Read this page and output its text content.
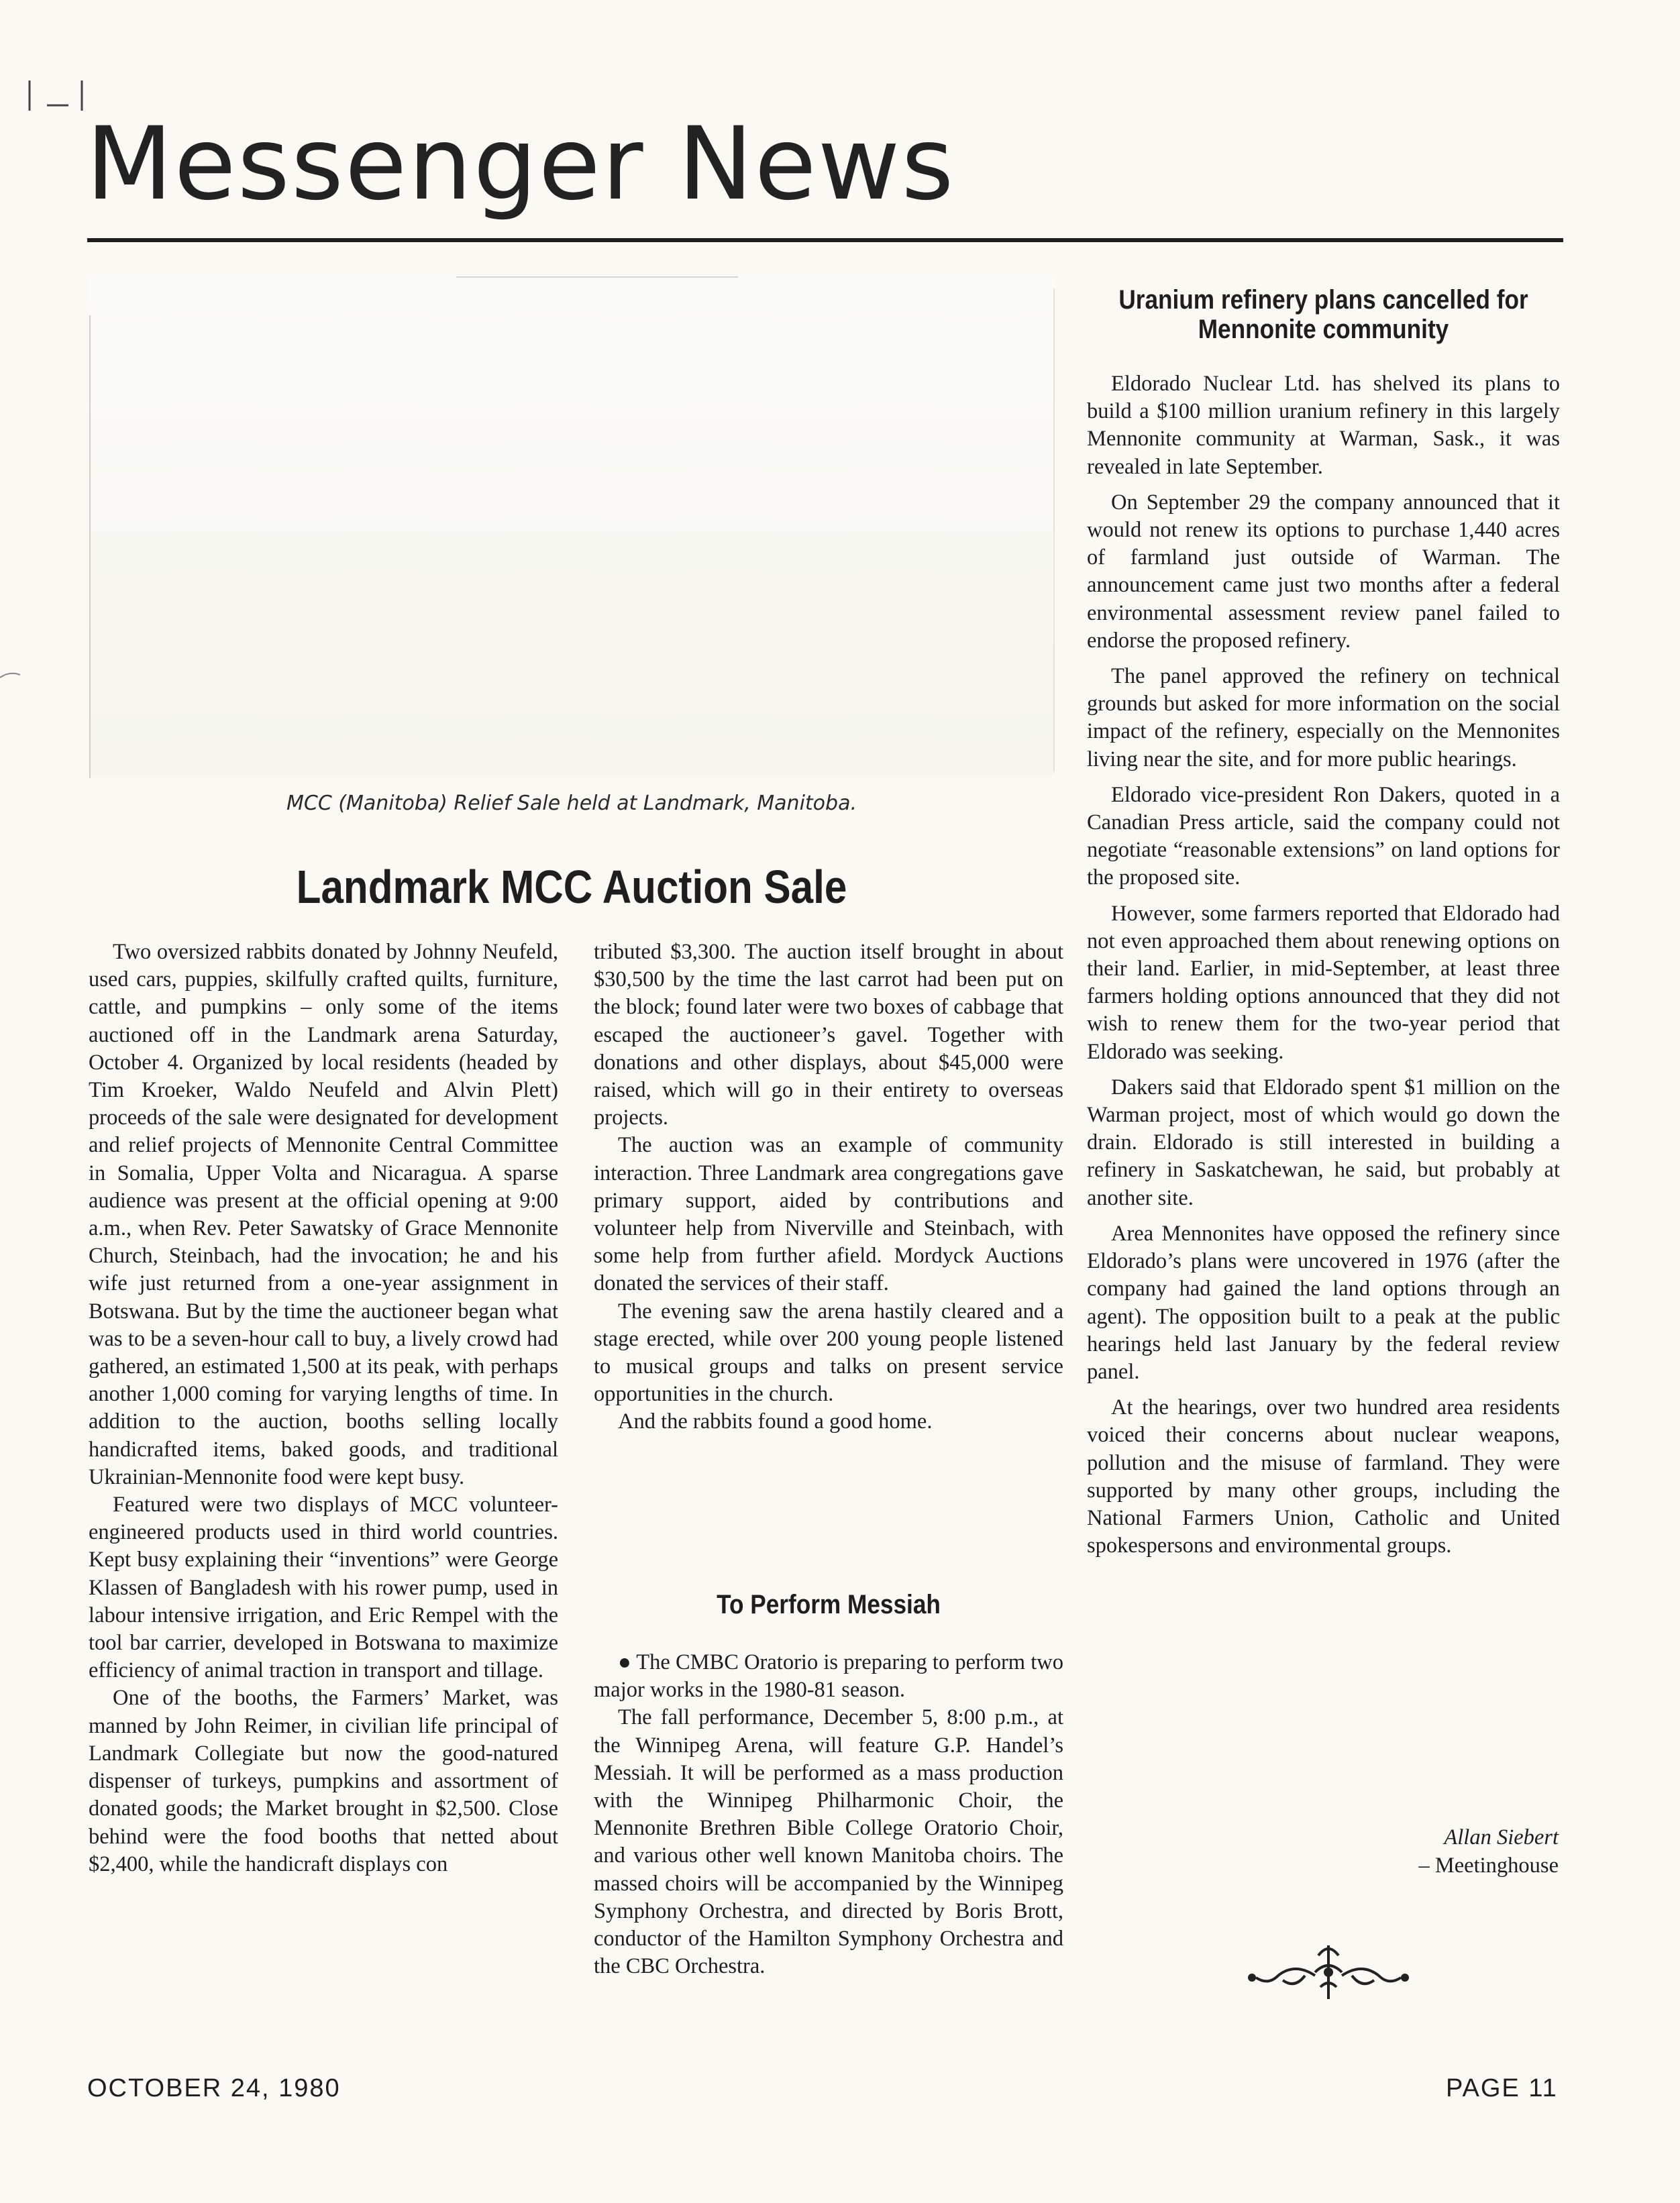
Messenger News
MCC (Manitoba) Relief Sale held at Landmark, Manitoba.
Landmark MCC Auction Sale

Two oversized rabbits donated by Johnny Neufeld, used cars, puppies, skilfully crafted quilts, furniture, cattle, and pumpkins – only some of the items auctioned off in the Landmark arena Saturday, October 4. Organized by local residents (headed by Tim Kroeker, Waldo Neufeld and Alvin Plett) proceeds of the sale were designated for development and relief projects of Mennonite Central Committee in Somalia, Upper Volta and Nicaragua. A sparse audience was present at the official opening at 9:00 a.m., when Rev. Peter Sawatsky of Grace Mennonite Church, Steinbach, had the invocation; he and his wife just returned from a one-year assignment in Botswana. But by the time the auctioneer began what was to be a seven-hour call to buy, a lively crowd had gathered, an estimated 1,500 at its peak, with perhaps another 1,000 coming for varying lengths of time. In addition to the auction, booths selling locally handicrafted items, baked goods, and traditional Ukrainian-Mennonite food were kept busy.

Featured were two displays of MCC volunteer-engineered products used in third world countries. Kept busy explaining their “inventions” were George Klassen of Bangladesh with his rower pump, used in labour intensive irrigation, and Eric Rempel with the tool bar carrier, developed in Botswana to maximize efficiency of animal traction in transport and tillage.

One of the booths, the Farmers’ Market, was manned by John Reimer, in civilian life principal of Landmark Collegiate but now the good-natured dispenser of turkeys, pumpkins and assortment of donated goods; the Market brought in $2,500. Close behind were the food booths that netted about $2,400, while the handicraft displays con

tributed $3,300. The auction itself brought in about $30,500 by the time the last carrot had been put on the block; found later were two boxes of cabbage that escaped the auctioneer’s gavel. Together with donations and other displays, about $45,000 were raised, which will go in their entirety to overseas projects.

The auction was an example of community interaction. Three Landmark area congregations gave primary support, aided by contributions and volunteer help from Niverville and Steinbach, with some help from further afield. Mordyck Auctions donated the services of their staff.

The evening saw the arena hastily cleared and a stage erected, while over 200 young people listened to musical groups and talks on present service opportunities in the church.

And the rabbits found a good home.

To Perform Messiah

● The CMBC Oratorio is preparing to perform two major works in the 1980-81 season.

The fall performance, December 5, 8:00 p.m., at the Winnipeg Arena, will feature G.P. Handel’s Messiah. It will be performed as a mass production with the Winnipeg Philharmonic Choir, the Mennonite Brethren Bible College Oratorio Choir, and various other well known Manitoba choirs. The massed choirs will be accompanied by the Winnipeg Symphony Orchestra, and directed by Boris Brott, conductor of the Hamilton Symphony Orchestra and the CBC Orchestra.

Uranium refinery plans cancelled for Mennonite community

Eldorado Nuclear Ltd. has shelved its plans to build a $100 million uranium refinery in this largely Mennonite community at Warman, Sask., it was revealed in late September.

On September 29 the company announced that it would not renew its options to purchase 1,440 acres of farmland just outside of Warman. The announcement came just two months after a federal environmental assessment review panel failed to endorse the proposed refinery.

The panel approved the refinery on technical grounds but asked for more information on the social impact of the refinery, especially on the Mennonites living near the site, and for more public hearings.

Eldorado vice-president Ron Dakers, quoted in a Canadian Press article, said the company could not negotiate “reasonable extensions” on land options for the proposed site.

However, some farmers reported that Eldorado had not even approached them about renewing options on their land. Earlier, in mid-September, at least three farmers holding options announced that they did not wish to renew them for the two-year period that Eldorado was seeking.

Dakers said that Eldorado spent $1 million on the Warman project, most of which would go down the drain. Eldorado is still interested in building a refinery in Saskatchewan, he said, but probably at another site.

Area Mennonites have opposed the refinery since Eldorado’s plans were uncovered in 1976 (after the company had gained the land options through an agent). The opposition built to a peak at the public hearings held last January by the federal review panel.

At the hearings, over two hundred area residents voiced their concerns about nuclear weapons, pollution and the misuse of farmland. They were supported by many other groups, including the National Farmers Union, Catholic and United spokespersons and environmental groups.

Allan Siebert
– Meetinghouse

OCTOBER 24, 1980	PAGE 11
